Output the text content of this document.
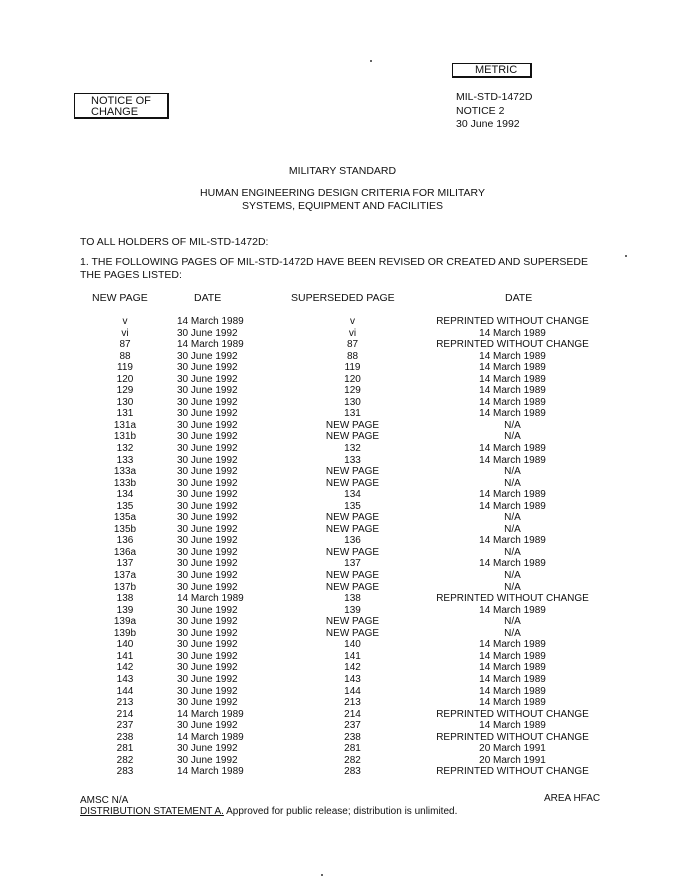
NOTICE OF CHANGE
METRIC
MIL-STD-1472D
NOTICE 2
30 June 1992
MILITARY STANDARD
HUMAN ENGINEERING DESIGN CRITERIA FOR MILITARY
SYSTEMS, EQUIPMENT AND FACILITIES
TO ALL HOLDERS OF MIL-STD-1472D:
1. THE FOLLOWING PAGES OF MIL-STD-1472D HAVE BEEN REVISED OR CREATED AND SUPERSEDE THE PAGES LISTED:
NEW PAGE	DATE	SUPERSEDED PAGE	DATE
v	14 March 1989	v	REPRINTED WITHOUT CHANGE
vi	30 June 1992	vi	14 March 1989
87	14 March 1989	87	REPRINTED WITHOUT CHANGE
88	30 June 1992	88	14 March 1989
119	30 June 1992	119	14 March 1989
120	30 June 1992	120	14 March 1989
129	30 June 1992	129	14 March 1989
130	30 June 1992	130	14 March 1989
131	30 June 1992	131	14 March 1989
131a	30 June 1992	NEW PAGE	N/A
131b	30 June 1992	NEW PAGE	N/A
132	30 June 1992	132	14 March 1989
133	30 June 1992	133	14 March 1989
133a	30 June 1992	NEW PAGE	N/A
133b	30 June 1992	NEW PAGE	N/A
134	30 June 1992	134	14 March 1989
135	30 June 1992	135	14 March 1989
135a	30 June 1992	NEW PAGE	N/A
135b	30 June 1992	NEW PAGE	N/A
136	30 June 1992	136	14 March 1989
136a	30 June 1992	NEW PAGE	N/A
137	30 June 1992	137	14 March 1989
137a	30 June 1992	NEW PAGE	N/A
137b	30 June 1992	NEW PAGE	N/A
138	14 March 1989	138	REPRINTED WITHOUT CHANGE
139	30 June 1992	139	14 March 1989
139a	30 June 1992	NEW PAGE	N/A
139b	30 June 1992	NEW PAGE	N/A
140	30 June 1992	140	14 March 1989
141	30 June 1992	141	14 March 1989
142	30 June 1992	142	14 March 1989
143	30 June 1992	143	14 March 1989
144	30 June 1992	144	14 March 1989
213	30 June 1992	213	14 March 1989
214	14 March 1989	214	REPRINTED WITHOUT CHANGE
237	30 June 1992	237	14 March 1989
238	14 March 1989	238	REPRINTED WITHOUT CHANGE
281	30 June 1992	281	20 March 1991
282	30 June 1992	282	20 March 1991
283	14 March 1989	283	REPRINTED WITHOUT CHANGE
AMSC N/A	AREA HFAC
DISTRIBUTION STATEMENT A. Approved for public release; distribution is unlimited.
